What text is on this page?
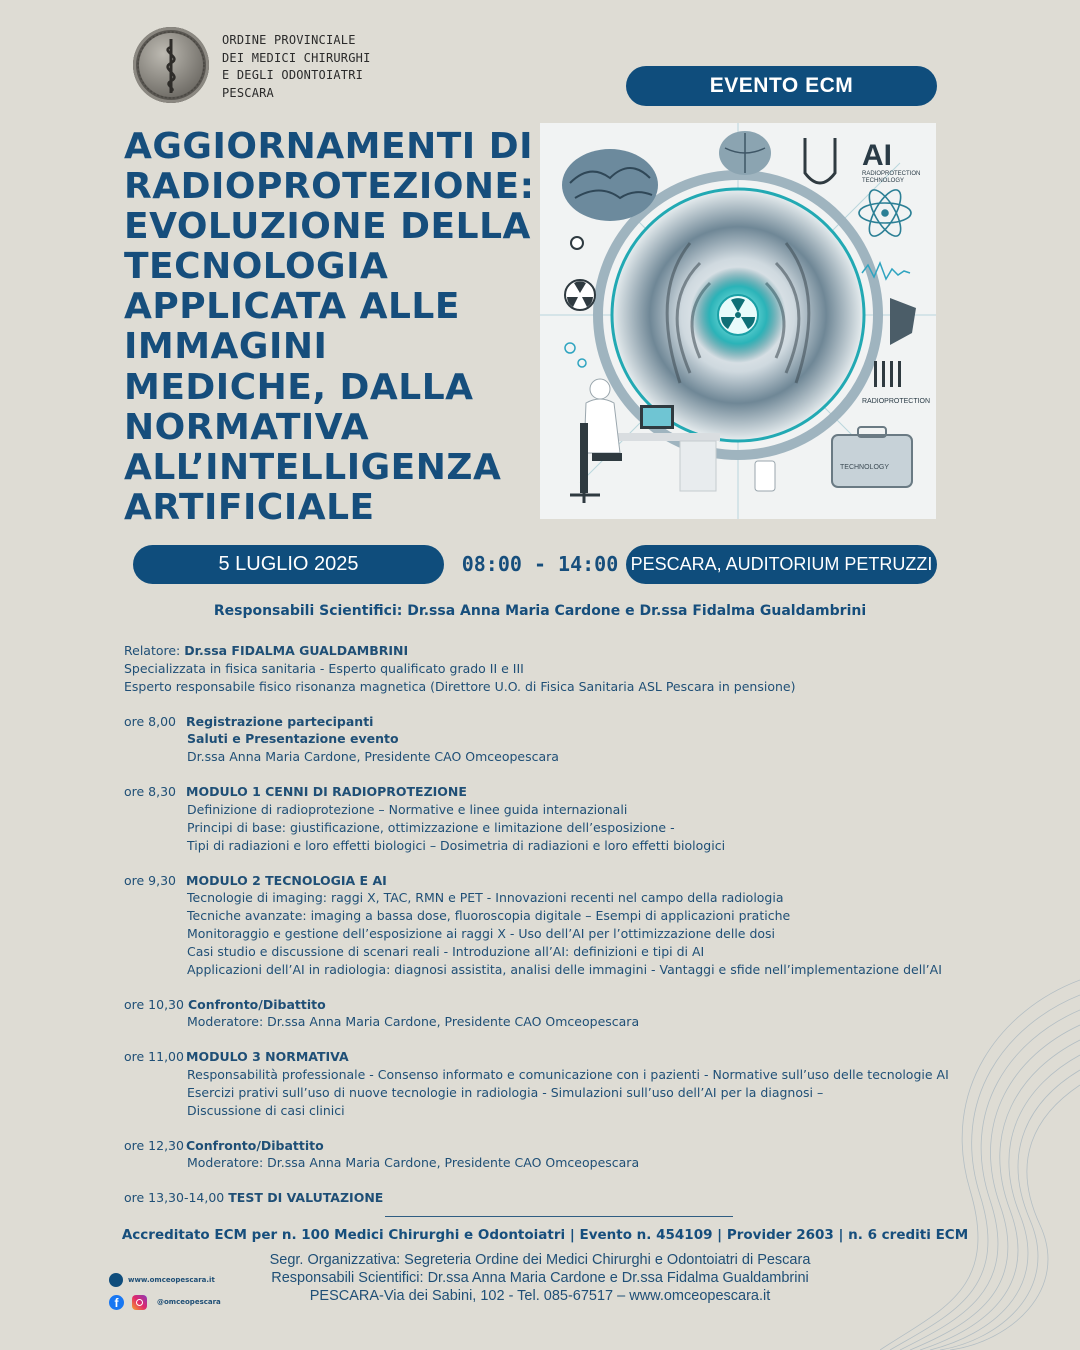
ORDINE PROVINCIALE
DEI MEDICI CHIRURGHI
E DEGLI ODONTOIATRI
PESCARA	EVENTO ECM
AGGIORNAMENTI DI
RADIOPROTEZIONE:
EVOLUZIONE DELLA
TECNOLOGIA
APPLICATA ALLE
IMMAGINI
MEDICHE, DALLA
NORMATIVA
ALL’INTELLIGENZA
ARTIFICIALE
AI
RADIOPROTECTION
TECHNOLOGY
RADIOPROTECTION
TECHNOLOGY
5 LUGLIO 2025	08:00 - 14:00 PESCARA, AUDITORIUM PETRUZZI
Responsabili Scientifici: Dr.ssa Anna Maria Cardone e Dr.ssa Fidalma Gualdambrini
Relatore: Dr.ssa FIDALMA GUALDAMBRINI
Specializzata in fisica sanitaria - Esperto qualificato grado II e III
Esperto responsabile fisico risonanza magnetica (Direttore U.O. di Fisica Sanitaria ASL Pescara in pensione)
ore 8,00 Registrazione partecipanti
Saluti e Presentazione evento
Dr.ssa Anna Maria Cardone, Presidente CAO Omceopescara
ore 8,30 MODULO 1 CENNI DI RADIOPROTEZIONE
Definizione di radioprotezione – Normative e linee guida internazionali
Principi di base: giustificazione, ottimizzazione e limitazione dell’esposizione -
Tipi di radiazioni e loro effetti biologici – Dosimetria di radiazioni e loro effetti biologici
ore 9,30 MODULO 2 TECNOLOGIA E AI
Tecnologie di imaging: raggi X, TAC, RMN e PET - Innovazioni recenti nel campo della radiologia
Tecniche avanzate: imaging a bassa dose, fluoroscopia digitale – Esempi di applicazioni pratiche
Monitoraggio e gestione dell’esposizione ai raggi X - Uso dell’AI per l’ottimizzazione delle dosi
Casi studio e discussione di scenari reali - Introduzione all’AI: definizioni e tipi di AI
Applicazioni dell’AI in radiologia: diagnosi assistita, analisi delle immagini - Vantaggi e sfide nell’implementazione dell’AI
ore 10,30 Confronto/Dibattito
Moderatore: Dr.ssa Anna Maria Cardone, Presidente CAO Omceopescara
ore 11,00 MODULO 3 NORMATIVA
Responsabilità professionale - Consenso informato e comunicazione con i pazienti - Normative sull’uso delle tecnologie AI
Esercizi prativi sull’uso di nuove tecnologie in radiologia - Simulazioni sull’uso dell’AI per la diagnosi –
Discussione di casi clinici
ore 12,30 Confronto/Dibattito
Moderatore: Dr.ssa Anna Maria Cardone, Presidente CAO Omceopescara
ore 13,30-14,00 TEST DI VALUTAZIONE
Accreditato ECM per n. 100 Medici Chirurghi e Odontoiatri | Evento n. 454109 | Provider 2603 | n. 6 crediti ECM
Segr. Organizzativa: Segreteria Ordine dei Medici Chirurghi e Odontoiatri di Pescara
Responsabili Scientifici: Dr.ssa Anna Maria Cardone e Dr.ssa Fidalma Gualdambrini
PESCARA-Via dei Sabini, 102 - Tel. 085-67517 – www.omceopescara.it
www.omceopescara.it
f	@omceopescara
